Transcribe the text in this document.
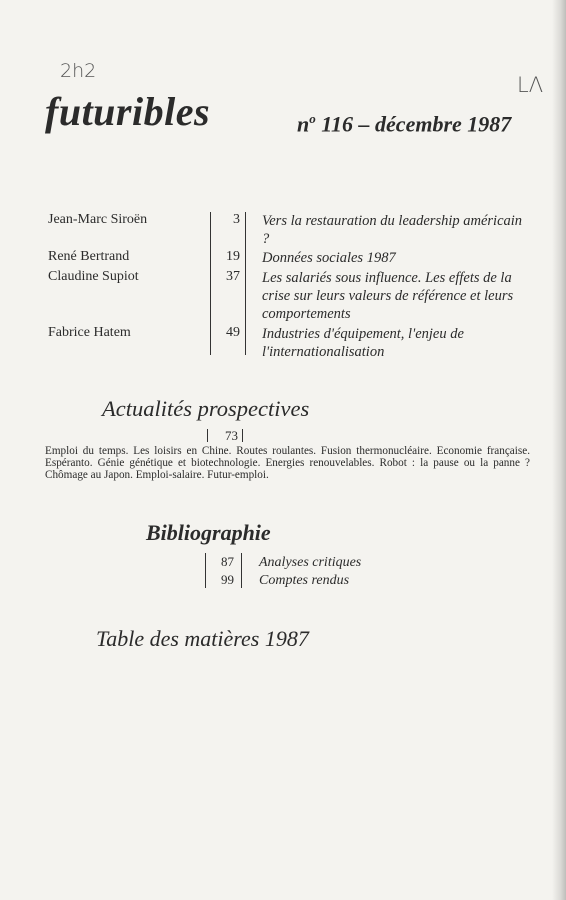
2h2
LΛ
futuribles	$n^o$ 116 – décembre 1987
Jean-Marc Siroën	3 Vers la restauration du leadership américain ?
René Bertrand	19 Données sociales 1987
Claudine Supiot	37 Les salariés sous influence. Les effets de la crise sur leurs valeurs de référence et leurs comportements
Fabrice Hatem	49 Industries d'équipement, l'enjeu de l'internationalisation
Actualités prospectives
73

Emploi du temps. Les loisirs en Chine. Routes roulantes. Fusion thermonucléaire. Economie française. Espéranto. Génie génétique et biotechnologie. Energies renouvelables. Robot : la pause ou la panne ? Chômage au Japon. Emploi-salaire. Futur-emploi.

Bibliographie
87 Analyses critiques
99 Comptes rendus
Table des matières 1987
